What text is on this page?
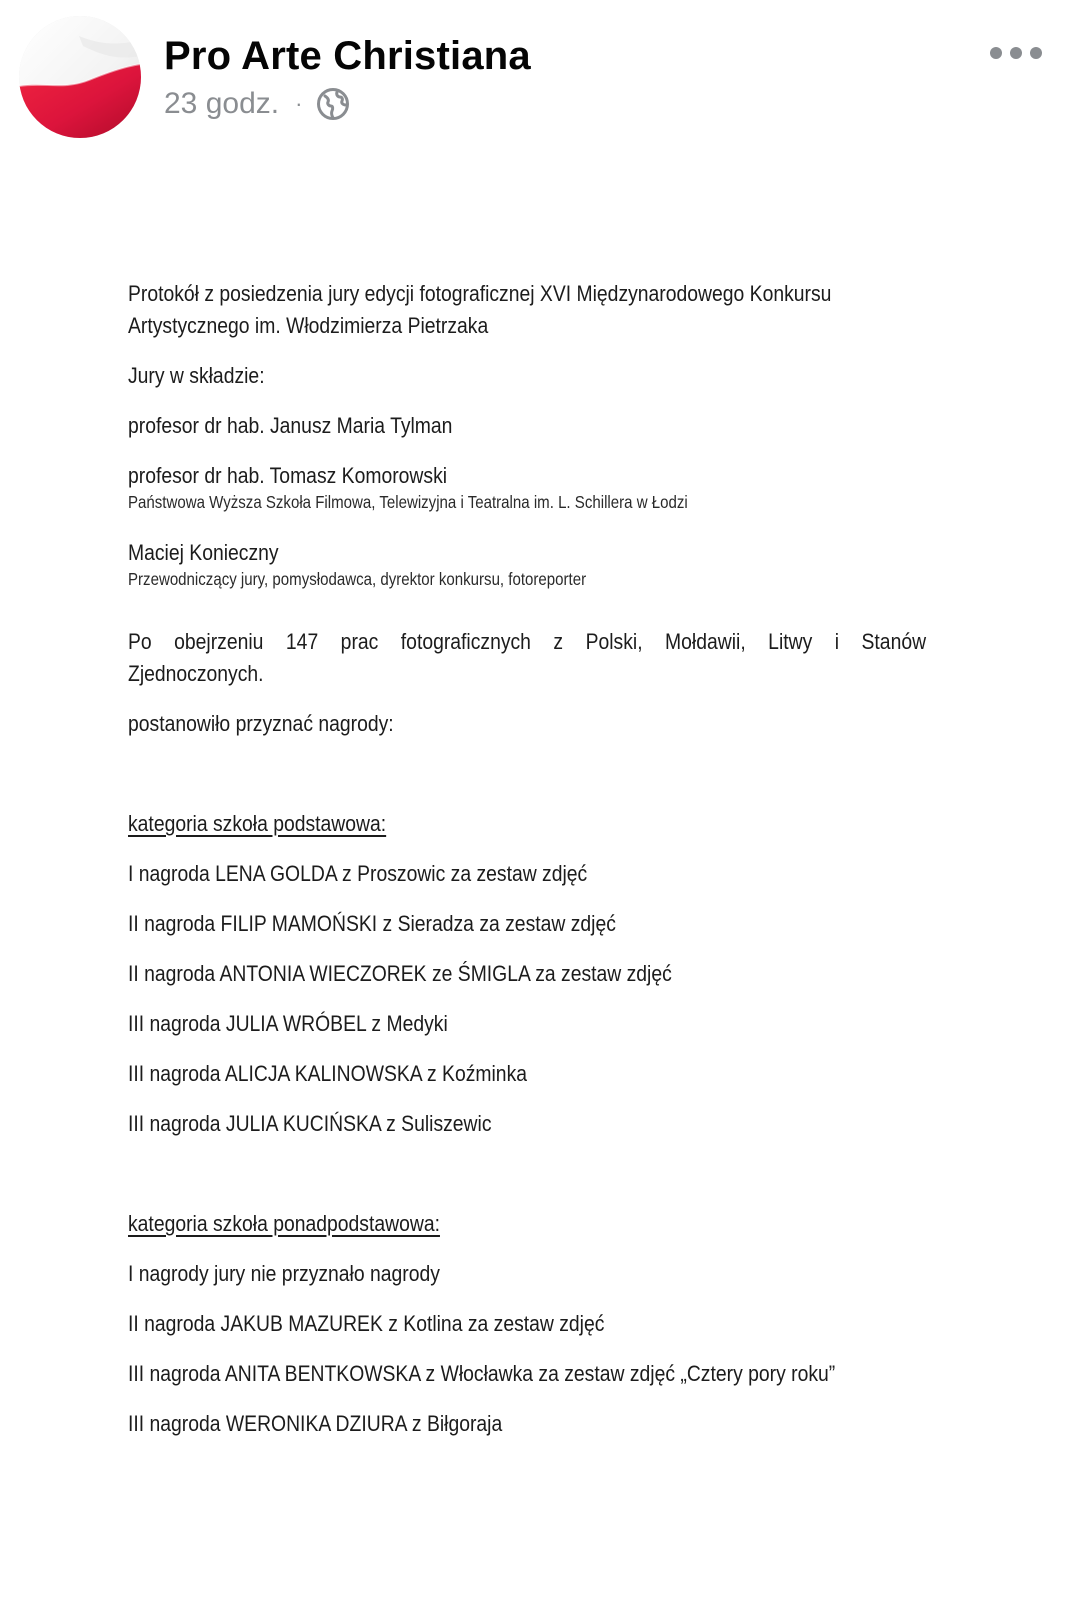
Pro Arte Christiana
23 godz. ·

Protokół z posiedzenia jury edycji fotograficznej XVI Międzynarodowego Konkursu

Artystycznego im. Włodzimierza Pietrzaka

Jury w składzie:

profesor dr hab. Janusz Maria Tylman

profesor dr hab. Tomasz Komorowski

Państwowa Wyższa Szkoła Filmowa, Telewizyjna i Teatralna im. L. Schillera w Łodzi

Maciej Konieczny

Przewodniczący jury, pomysłodawca, dyrektor konkursu, fotoreporter

Po obejrzeniu 147 prac fotograficznych z Polski, Mołdawii, Litwy i Stanów

Zjednoczonych.

postanowiło przyznać nagrody:

kategoria szkoła podstawowa:

I nagroda LENA GOLDA z Proszowic za zestaw zdjęć

II nagroda FILIP MAMOŃSKI z Sieradza za zestaw zdjęć

II nagroda ANTONIA WIECZOREK ze ŚMIGLA za zestaw zdjęć

III nagroda JULIA WRÓBEL z Medyki

III nagroda ALICJA KALINOWSKA z Koźminka

III nagroda JULIA KUCIŃSKA z Suliszewic

kategoria szkoła ponadpodstawowa:

I nagrody jury nie przyznało nagrody

II nagroda JAKUB MAZUREK z Kotlina za zestaw zdjęć

III nagroda ANITA BENTKOWSKA z Włocławka za zestaw zdjęć „Cztery pory roku”

III nagroda WERONIKA DZIURA z Biłgoraja
